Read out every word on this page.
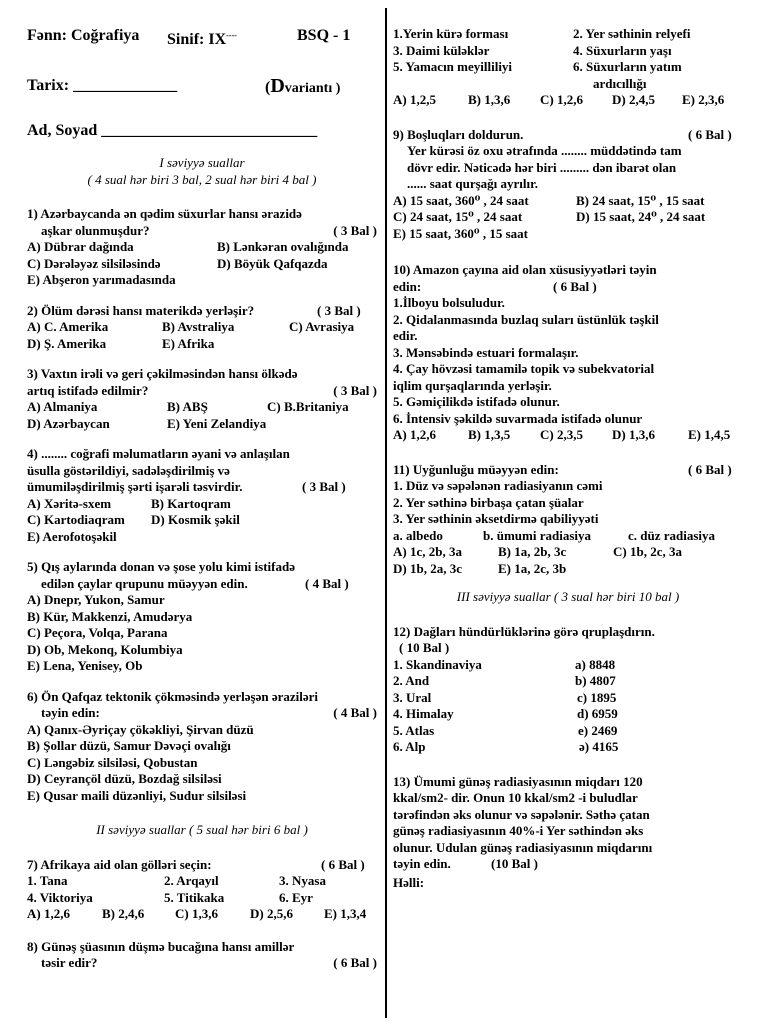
Fənn: Coğrafiya	Sinif: IX----	BSQ - 1
Tarix: _____________	(Dvariantı )
Ad, Soyad ___________________________
I səviyyə suallar
( 4 sual hər biri 3 bal, 2 sual hər biri 4 bal )
1) Azərbaycanda ən qədim süxurlar hansı ərazidə
aşkar olunmuşdur?	( 3 Bal )
A) Dübrar dağında	B) Lənkəran ovalığında
C) Dərələyəz silsiləsində	D) Böyük Qafqazda
E) Abşeron yarımadasında
2) Ölüm dərəsi hansı materikdə yerləşir?	( 3 Bal )
A) C. Amerika	B) Avstraliya	C) Avrasiya
D) Ş. Amerika	E) Afrika
3) Vaxtın irəli və geri çəkilməsindən hansı ölkədə
artıq istifadə edilmir?	( 3 Bal )
A) Almaniya	B) ABŞ	C) B.Britaniya
D) Azərbaycan	E) Yeni Zelandiya
4) ........ coğrafi məlumatların əyani və anlaşılan
üsulla göstərildiyi, sadələşdirilmiş və
ümumiləşdirilmiş şərti işarəli təsvirdir.	( 3 Bal )
A) Xəritə-sxem	B) Kartoqram
C) Kartodiaqram	D) Kosmik şəkil
E) Aerofotoşəkil
5) Qış aylarında donan və şose yolu kimi istifadə
edilən çaylar qrupunu müəyyən edin.	( 4 Bal )
A) Dnepr, Yukon, Samur
B) Kür, Makkenzi, Amudərya
C) Peçora, Volqa, Parana
D) Ob, Mekonq, Kolumbiya
E) Lena, Yenisey, Ob
6) Ön Qafqaz tektonik çökməsində yerləşən əraziləri
təyin edin:	( 4 Bal )
A) Qanıx-Əyriçay çökəkliyi, Şirvan düzü
B) Şollar düzü, Samur Dəvəçi ovalığı
C) Ləngəbiz silsiləsi, Qobustan
D) Ceyrançöl düzü, Bozdağ silsiləsi
E) Qusar maili düzənliyi, Sudur silsiləsi
II səviyyə suallar ( 5 sual hər biri 6 bal )
7) Afrikaya aid olan gölləri seçin:	( 6 Bal )
1. Tana	2. Arqayıl	3. Nyasa
4. Viktoriya	5. Titikaka	6. Eyr
A) 1,2,6	B) 2,4,6	C) 1,3,6	D) 2,5,6	E) 1,3,4
8) Günəş şüasının düşmə bucağına hansı amillər
təsir edir?	( 6 Bal )
1.Yerin kürə forması	2. Yer səthinin relyefi
3. Daimi küləklər	4. Süxurların yaşı
5. Yamacın meyilliliyi	6. Süxurların yatım
ardıcıllığı
A) 1,2,5	B) 1,3,6	C) 1,2,6	D) 2,4,5	E) 2,3,6
9) Boşluqları doldurun.	( 6 Bal )
Yer kürəsi öz oxu ətrafında ........ müddətində tam
dövr edir. Nəticədə hər biri ......... dən ibarət olan
...... saat qurşağı ayrılır.
A) 15 saat, 360⁰ , 24 saat	B) 24 saat, 15⁰ , 15 saat
C) 24 saat, 15⁰ , 24 saat	D) 15 saat, 24⁰ , 24 saat
E) 15 saat, 360⁰ , 15 saat
10) Amazon çayına aid olan xüsusiyyətləri təyin
edin:	( 6 Bal )
1.İlboyu bolsuludur.
2. Qidalanmasında buzlaq suları üstünlük təşkil
edir.
3. Mənsəbində estuari formalaşır.
4. Çay hövzəsi tamamilə topik və subekvatorial
iqlim qurşaqlarında yerləşir.
5. Gəmiçilikdə istifadə olunur.
6. İntensiv şəkildə suvarmada istifadə olunur
A) 1,2,6	B) 1,3,5	C) 2,3,5	D) 1,3,6	E) 1,4,5
11) Uyğunluğu müəyyən edin:	( 6 Bal )
1. Düz və səpələnən radiasiyanın cəmi
2. Yer səthinə birbaşa çatan şüalar
3. Yer səthinin əksetdirmə qabiliyyəti
a. albedo	b. ümumi radiasiya	c. düz radiasiya
A) 1c, 2b, 3a	B) 1a, 2b, 3c	C) 1b, 2c, 3a
D) 1b, 2a, 3c	E) 1a, 2c, 3b
III səviyyə suallar ( 3 sual hər biri 10 bal )
12) Dağları hündürlüklərinə görə qruplaşdırın.
( 10 Bal )
1. Skandinaviya	a) 8848
2. And	b) 4807
3. Ural	c) 1895
4. Himalay	d) 6959
5. Atlas	e) 2469
6. Alp	ə) 4165
13) Ümumi günəş radiasiyasının miqdarı 120
kkal/sm2- dir. Onun 10 kkal/sm2 -i buludlar
tərəfindən əks olunur və səpələnir. Səthə çatan
günəş radiasiyasının 40%-i Yer səthindən əks
olunur. Udulan günəş radiasiyasının miqdarını
təyin edin.	(10 Bal )
Həlli:
